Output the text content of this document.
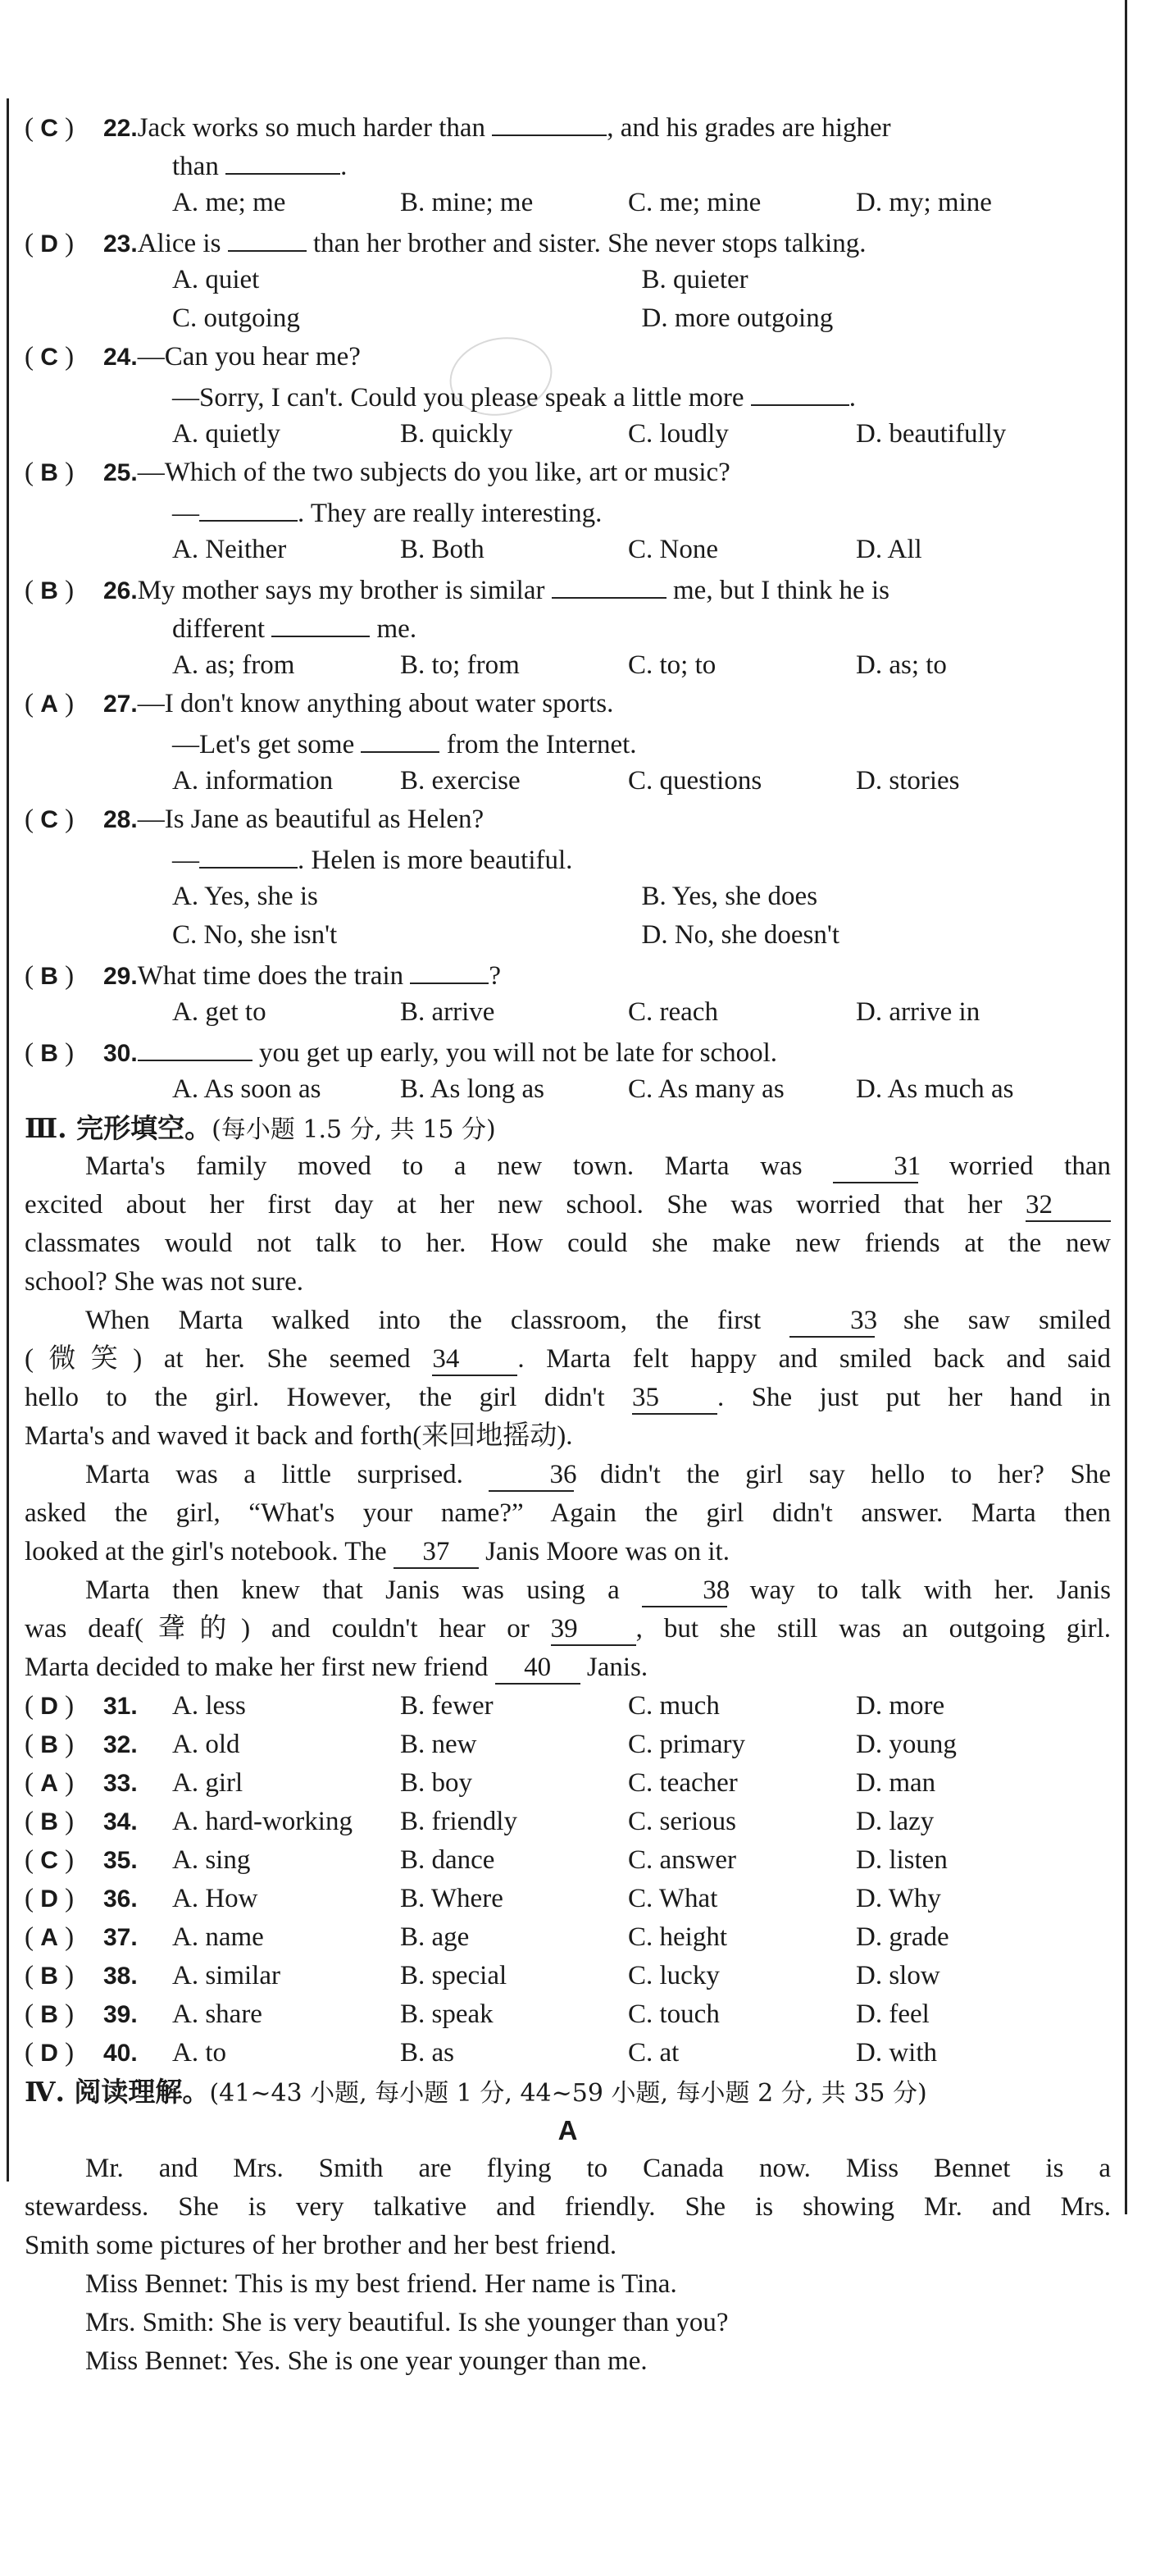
( C ) 22.Jack works so much harder than	, and his grades are higher
than	.
A. me; me	B. mine; me	C. me; mine	D. my; mine
( D ) 23.Alice is	than her brother and sister. She never stops talking.
A. quiet	B. quieter
C. outgoing	D. more outgoing
( C ) 24.—Can you hear me?
—Sorry, I can't. Could you please speak a little more	.
A. quietly	B. quickly	C. loudly	D. beautifully
( B ) 25.—Which of the two subjects do you like, art or music?
—	. They are really interesting.
A. Neither	B. Both	C. None	D. All
( B ) 26.My mother says my brother is similar	me, but I think he is
different	me.
A. as; from	B. to; from	C. to; to	D. as; to
( A ) 27.—I don't know anything about water sports.
—Let's get some	from the Internet.
A. information	B. exercise	C. questions	D. stories
( C ) 28.—Is Jane as beautiful as Helen?
—	. Helen is more beautiful.
A. Yes, she is	B. Yes, she does
C. No, she isn't	D. No, she doesn't
( B ) 29.What time does the train	?
A. get to	B. arrive	C. reach	D. arrive in
( B ) 30.	you get up early, you will not be late for school.
A. As soon as	B. As long as	C. As many as	D. As much as
Ⅲ. 完形填空。(每小题 1.5 分, 共 15 分)
Marta's family moved to a new town. Marta was 31 worried than
excited about her first day at her new school. She was worried that her 32
classmates would not talk to her. How could she make new friends at the new
school? She was not sure.
When Marta walked into the classroom, the first 33 she saw smiled
(微笑) at her. She seemed 34 . Marta felt happy and smiled back and said
hello to the girl. However, the girl didn't 35 . She just put her hand in
Marta's and waved it back and forth(来回地摇动).
Marta was a little surprised. 36 didn't the girl say hello to her? She
asked the girl, “What's your name?” Again the girl didn't answer. Marta then
looked at the girl's notebook. The 37 Janis Moore was on it.
Marta then knew that Janis was using a 38 way to talk with her. Janis
was deaf(聋的) and couldn't hear or 39 , but she still was an outgoing girl.
Marta decided to make her first new friend 40 Janis.
( D ) 31.	A. less	B. fewer	C. much	D. more
( B ) 32.	A. old	B. new	C. primary	D. young
( A ) 33.	A. girl	B. boy	C. teacher	D. man
( B ) 34.	A. hard-working	B. friendly	C. serious	D. lazy
( C ) 35.	A. sing	B. dance	C. answer	D. listen
( D ) 36.	A. How	B. Where	C. What	D. Why
( A ) 37.	A. name	B. age	C. height	D. grade
( B ) 38.	A. similar	B. special	C. lucky	D. slow
( B ) 39.	A. share	B. speak	C. touch	D. feel
( D ) 40.	A. to	B. as	C. at	D. with
Ⅳ. 阅读理解。(41~43 小题, 每小题 1 分, 44~59 小题, 每小题 2 分, 共 35 分)
A
Mr. and Mrs. Smith are flying to Canada now. Miss Bennet is a
stewardess. She is very talkative and friendly. She is showing Mr. and Mrs.
Smith some pictures of her brother and her best friend.
Miss Bennet: This is my best friend. Her name is Tina.
Mrs. Smith: She is very beautiful. Is she younger than you?
Miss Bennet: Yes. She is one year younger than me.
